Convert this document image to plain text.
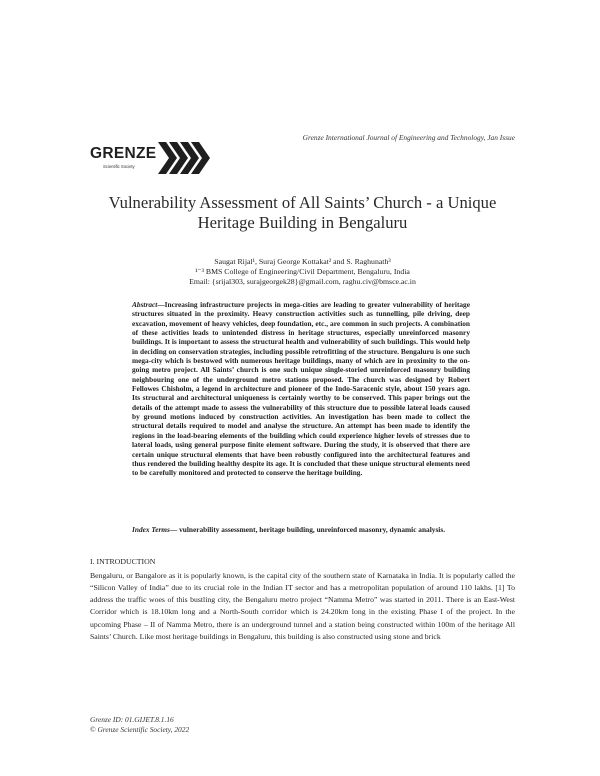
Grenze International Journal of Engineering and Technology, Jan Issue
GRENZE
Scientific Society
Vulnerability Assessment of All Saints’ Church - a Unique Heritage Building in Bengaluru
Saugat Rijal¹, Suraj George Kottakat² and S. Raghunath³
¹⁻³ BMS College of Engineering/Civil Department, Bengaluru, India
Email: {srijal303, surajgeorgek28}@gmail.com, raghu.civ@bmsce.ac.in
Abstract—Increasing infrastructure projects in mega-cities are leading to greater vulnerability of heritage structures situated in the proximity. Heavy construction activities such as tunnelling, pile driving, deep excavation, movement of heavy vehicles, deep foundation, etc., are common in such projects. A combination of these activities leads to unintended distress in heritage structures, especially unreinforced masonry buildings. It is important to assess the structural health and vulnerability of such buildings. This would help in deciding on conservation strategies, including possible retrofitting of the structure. Bengaluru is one such mega-city which is bestowed with numerous heritage buildings, many of which are in proximity to the on-going metro project. All Saints’ church is one such unique single-storied unreinforced masonry building neighbouring one of the underground metro stations proposed. The church was designed by Robert Fellowes Chisholm, a legend in architecture and pioneer of the Indo-Saracenic style, about 150 years ago. Its structural and architectural uniqueness is certainly worthy to be conserved. This paper brings out the details of the attempt made to assess the vulnerability of this structure due to possible lateral loads caused by ground motions induced by construction activities. An investigation has been made to collect the structural details required to model and analyse the structure. An attempt has been made to identify the regions in the load-bearing elements of the building which could experience higher levels of stresses due to lateral loads, using general purpose finite element software. During the study, it is observed that there are certain unique structural elements that have been robustly configured into the architectural features and thus rendered the building healthy despite its age. It is concluded that these unique structural elements need to be carefully monitored and protected to conserve the heritage building.
Index Terms— vulnerability assessment, heritage building, unreinforced masonry, dynamic analysis.
I. INTRODUCTION
Bengaluru, or Bangalore as it is popularly known, is the capital city of the southern state of Karnataka in India. It is popularly called the “Silicon Valley of India” due to its crucial role in the Indian IT sector and has a metropolitan population of around 110 lakhs. [1] To address the traffic woes of this bustling city, the Bengaluru metro project “Namma Metro” was started in 2011. There is an East-West Corridor which is 18.10km long and a North-South corridor which is 24.20km long in the existing Phase I of the project. In the upcoming Phase – II of Namma Metro, there is an underground tunnel and a station being constructed within 100m of the heritage All Saints’ Church. Like most heritage buildings in Bengaluru, this building is also constructed using stone and brick
Grenze ID: 01.GIJET.8.1.16
© Grenze Scientific Society, 2022
